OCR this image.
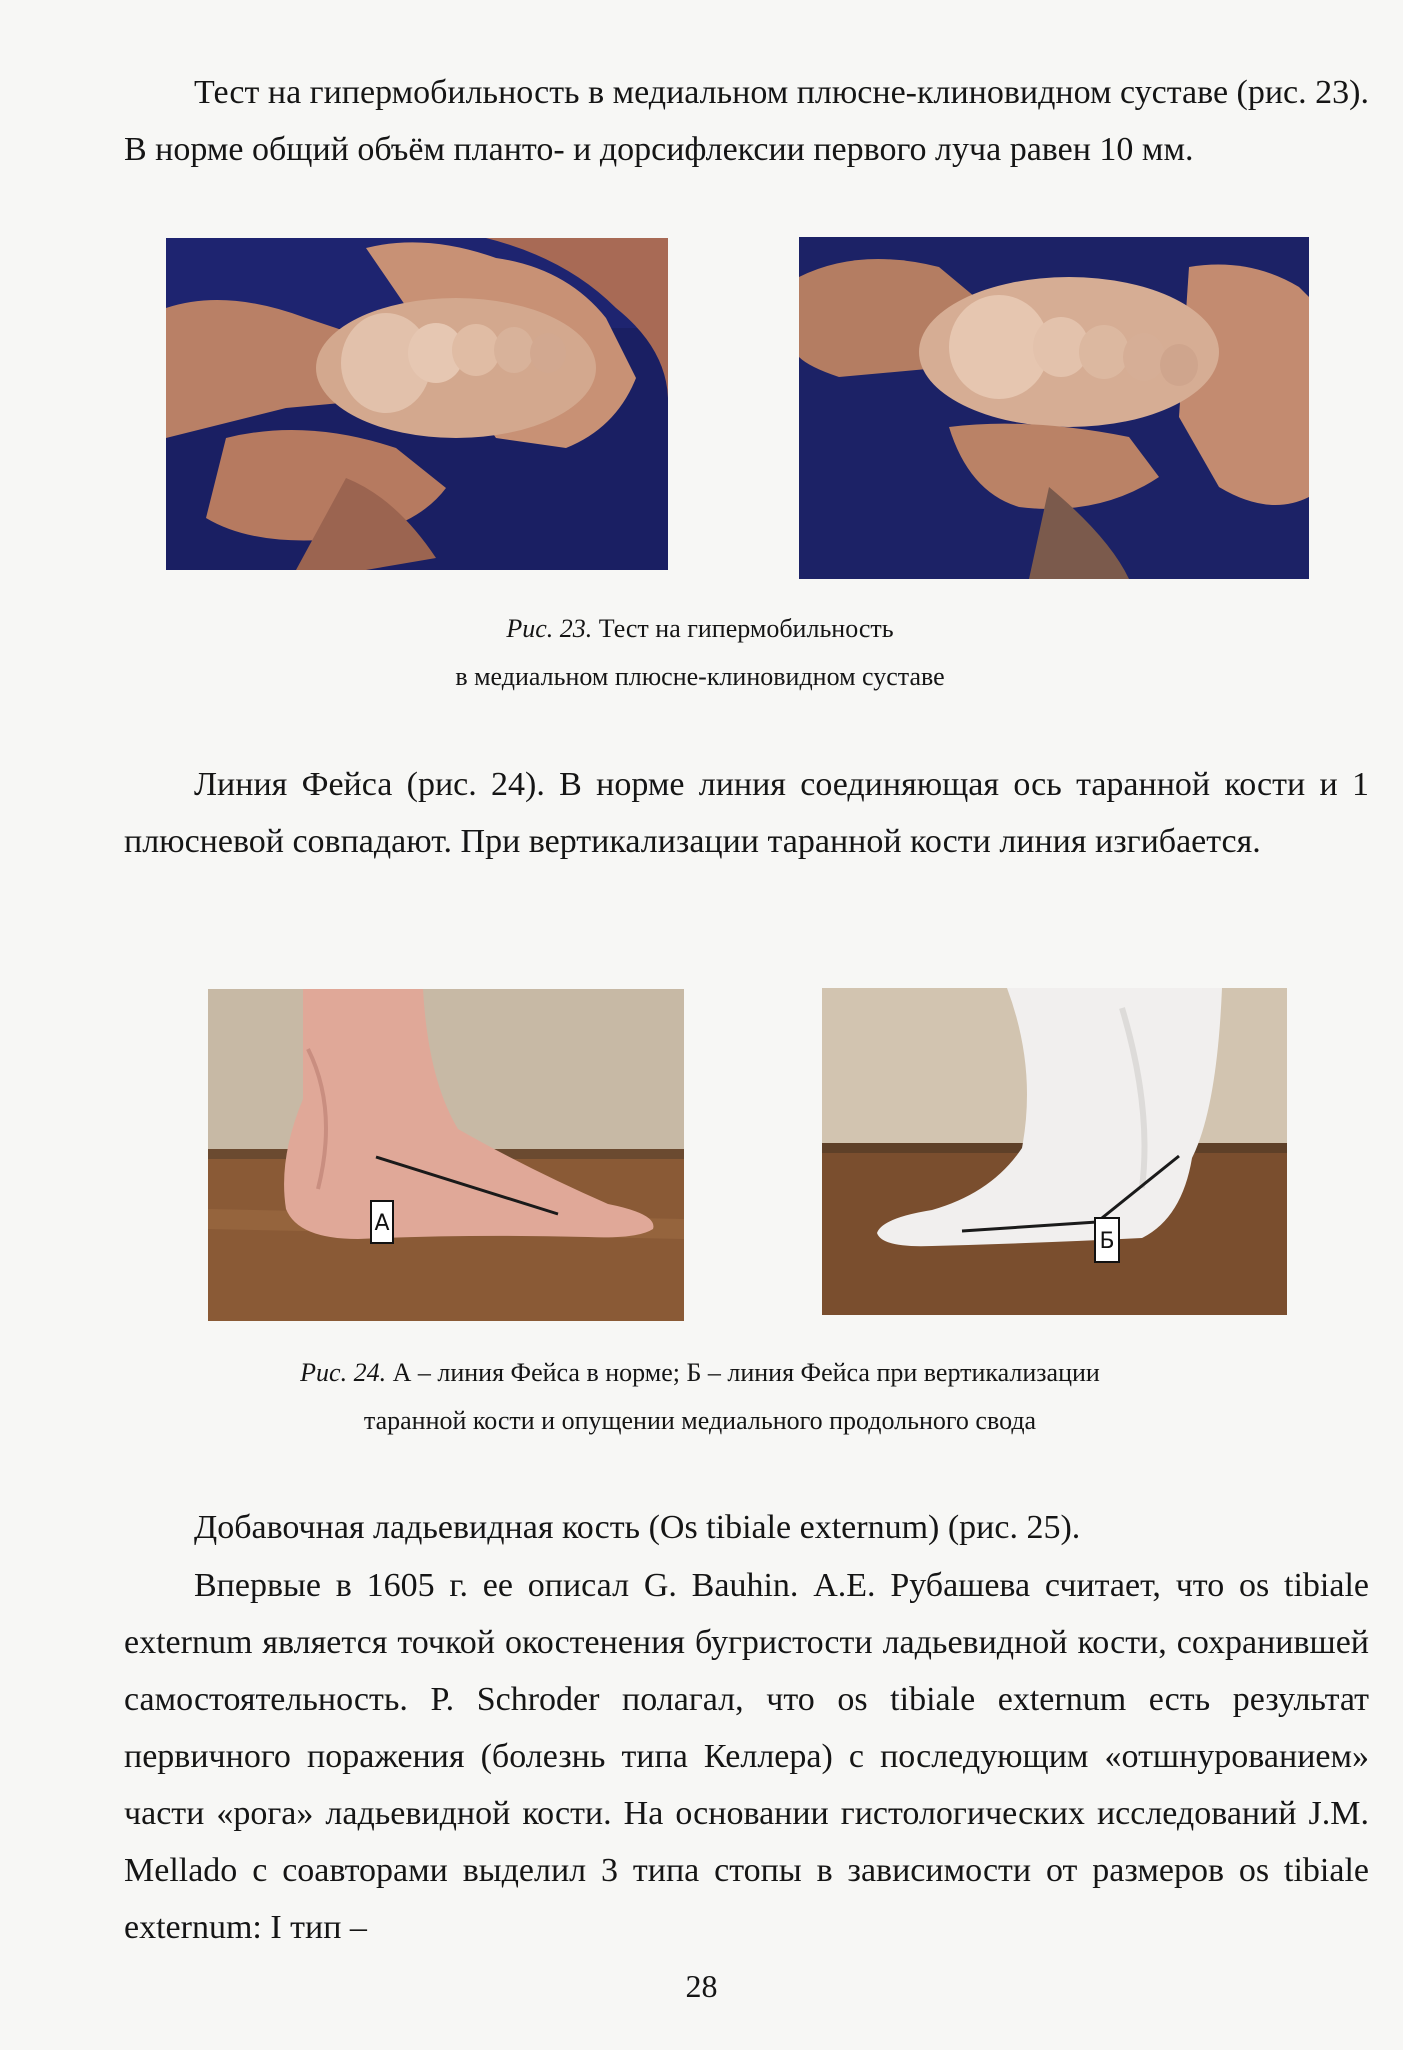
Тест на гипермобильность в медиальном плюсне-клиновидном суставе (рис. 23). В норме общий объём планто- и дорсифлексии первого луча равен 10 мм.
Рис. 23. Тест на гипермобильность
в медиальном плюсне-клиновидном суставе
Линия Фейса (рис. 24). В норме линия соединяющая ось таранной кости и 1 плюсневой совпадают. При вертикализации таранной кости линия изгибается.
А
Б
Рис. 24. А – линия Фейса в норме; Б – линия Фейса при вертикализации
таранной кости и опущении медиального продольного свода
Добавочная ладьевидная кость (Os tibiale externum) (рис. 25).
Впервые в 1605 г. ее описал G. Bauhin. А.Е. Рубашева считает, что os tibiale externum является точкой окостенения бугристости ладьевидной кости, сохранившей самостоятельность. P. Schroder полагал, что os tibiale externum есть результат первичного поражения (болезнь типа Келлера) с последующим «отшнурованием» части «рога» ладьевидной кости. На основании гистологических исследований J.M. Mellado с соавторами выделил 3 типа стопы в зависимости от размеров os tibiale externum: I тип –
28
